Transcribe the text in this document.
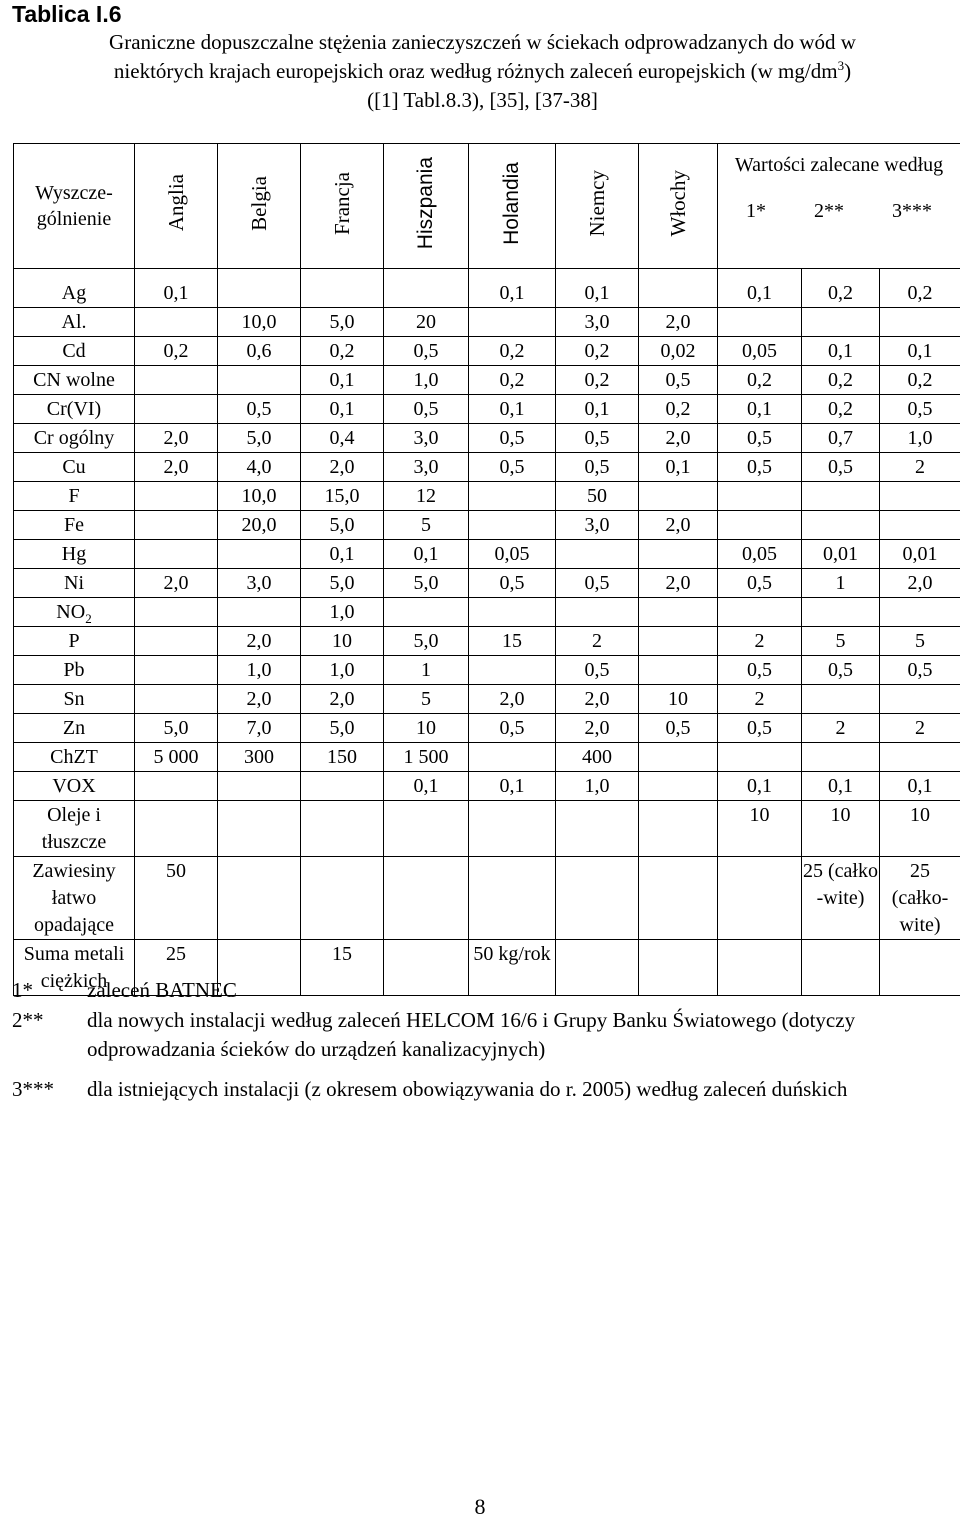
Tablica I.6
Graniczne dopuszczalne stężenia zanieczyszczeń w ściekach odprowadzanych do wód w
niektórych krajach europejskich oraz według różnych zaleceń europejskich (w $mg/dm^3$)
([1] Tabl.8.3), [35], [37-38]
Wyszcze-gólnienie	Anglia	Belgia	Francja	Hiszpania	Holandia	Niemcy	Włochy	Wartości zalecane według
1* 2** 3***		

Ag	0,1				0,1	0,1		0,1	0,2	0,2
Al.		10,0	5,0	20		3,0	2,0			
Cd	0,2	0,6	0,2	0,5	0,2	0,2	0,02	0,05	0,1	0,1
CN wolne			0,1	1,0	0,2	0,2	0,5	0,2	0,2	0,2
Cr(VI)		0,5	0,1	0,5	0,1	0,1	0,2	0,1	0,2	0,5
Cr ogólny	2,0	5,0	0,4	3,0	0,5	0,5	2,0	0,5	0,7	1,0
Cu	2,0	4,0	2,0	3,0	0,5	0,5	0,1	0,5	0,5	2
F		10,0	15,0	12		50				
Fe		20,0	5,0	5		3,0	2,0			
Hg			0,1	0,1	0,05			0,05	0,01	0,01
Ni	2,0	3,0	5,0	5,0	0,5	0,5	2,0	0,5	1	2,0
$NO_2$			1,0							
P		2,0	10	5,0	15	2		2	5	5
Pb		1,0	1,0	1		0,5		0,5	0,5	0,5
Sn		2,0	2,0	5	2,0	2,0	10	2		
Zn	5,0	7,0	5,0	10	0,5	2,0	0,5	0,5	2	2
ChZT	5 000	300	150	1 500		400				
VOX				0,1	0,1	1,0		0,1	0,1	0,1
Oleje i tłuszcze								10	10	10
Zawiesiny łatwo opadające	50								25 (całko -wite)	25 (całko-wite)
Suma metali ciężkich	25		15		50 kg/rok					
1*	zaleceń BATNEC
2** dla nowych instalacji według zaleceń HELCOM 16/6 i Grupy Banku Światowego (dotyczy odprowadzania ścieków do urządzeń kanalizacyjnych)
3*** dla istniejących instalacji (z okresem obowiązywania do r. 2005) według zaleceń duńskich
8
